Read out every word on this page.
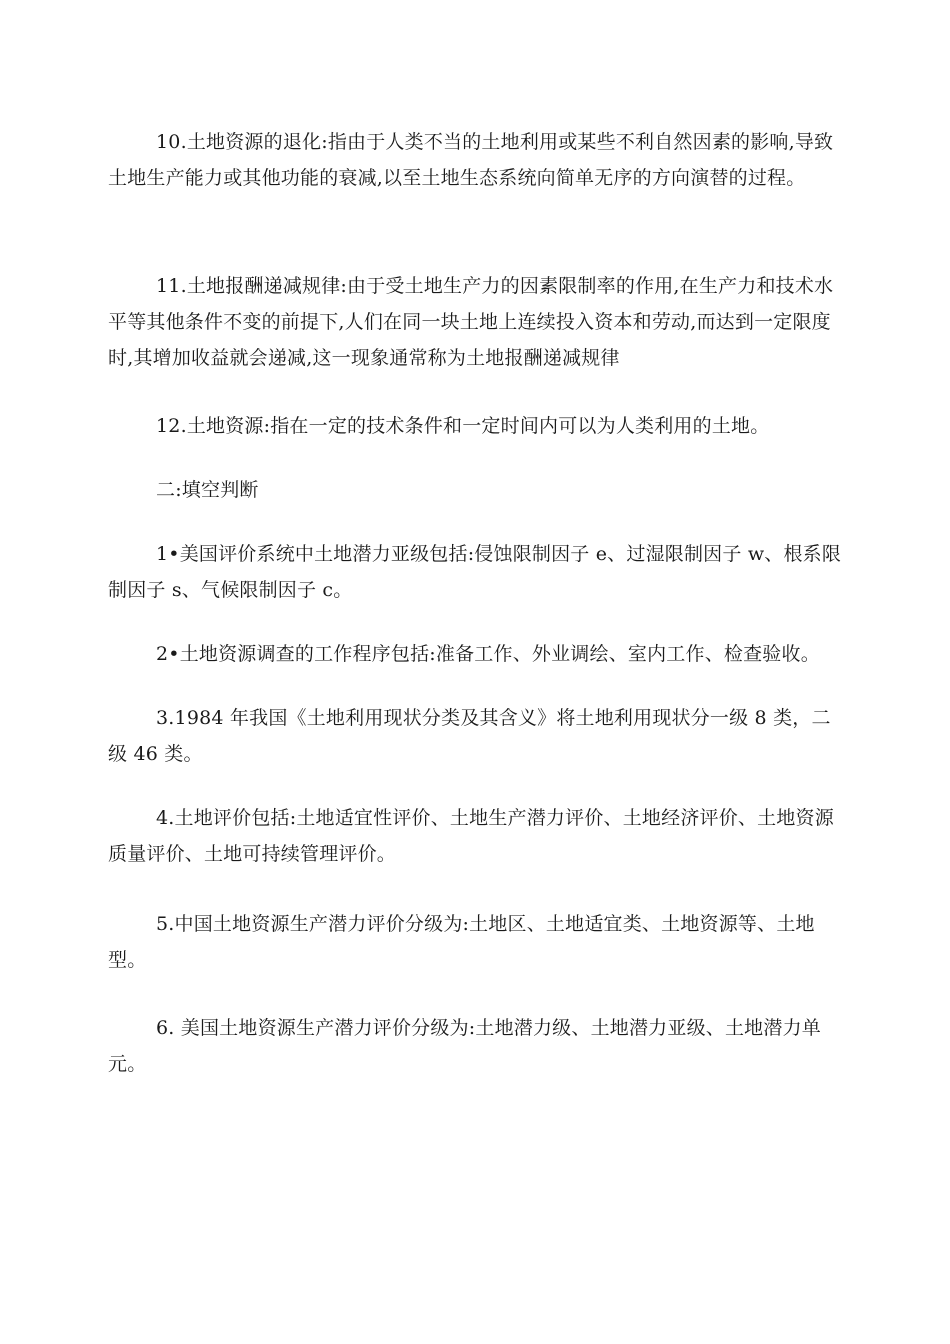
10.土地资源的退化:指由于人类不当的土地利用或某些不利自然因素的影响,导致土地生产能力或其他功能的衰减,以至土地生态系统向简单无序的方向演替的过程。

11.土地报酬递减规律:由于受土地生产力的因素限制率的作用,在生产力和技术水平等其他条件不变的前提下,人们在同一块土地上连续投入资本和劳动,而达到一定限度时,其增加收益就会递减,这一现象通常称为土地报酬递减规律

12.土地资源:指在一定的技术条件和一定时间内可以为人类利用的土地。

二:填空判断

1•美国评价系统中土地潜力亚级包括:侵蚀限制因子 e、过湿限制因子 w、根系限制因子 s、气候限制因子 c。

2•土地资源调查的工作程序包括:准备工作、外业调绘、室内工作、检查验收。

3.1984 年我国《土地利用现状分类及其含义》将土地利用现状分一级 8 类，二级 46 类。

4.土地评价包括:土地适宜性评价、土地生产潜力评价、土地经济评价、土地资源质量评价、土地可持续管理评价。

5.中国土地资源生产潜力评价分级为:土地区、土地适宜类、土地资源等、土地型。

6. 美国土地资源生产潜力评价分级为:土地潜力级、土地潜力亚级、土地潜力单元。
